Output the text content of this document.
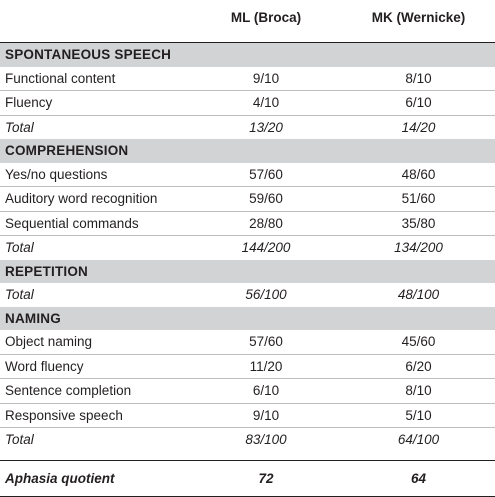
	ML (Broca)	MK (Wernicke)
SPONTANEOUS SPEECH		
Functional content	9/10	8/10
Fluency	4/10	6/10
Total	13/20	14/20
COMPREHENSION		
Yes/no questions	57/60	48/60
Auditory word recognition	59/60	51/60
Sequential commands	28/80	35/80
Total	144/200	134/200
REPETITION		
Total	56/100	48/100
NAMING		
Object naming	57/60	45/60
Word fluency	11/20	6/20
Sentence completion	6/10	8/10
Responsive speech	9/10	5/10
Total	83/100	64/100

Aphasia quotient	72	64
